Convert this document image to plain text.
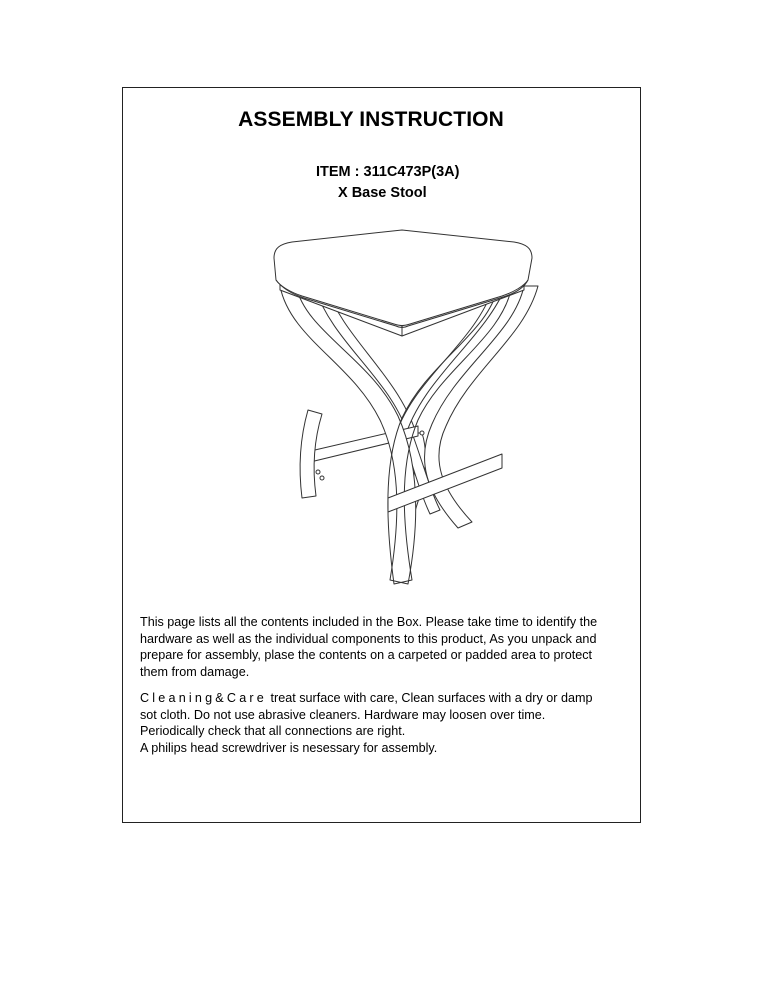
ASSEMBLY INSTRUCTION
ITEM : 311C473P(3A)
X Base Stool
This page lists all the contents included in the Box. Please take time to identify the
hardware as well as the individual components to this product, As you unpack and
prepare for assembly, plase the contents on a carpeted or padded area to protect
them from damage.
Cleaning&Care treat surface with care, Clean surfaces with a dry or damp
sot cloth. Do not use abrasive cleaners. Hardware may loosen over time.
Periodically check that all connections are right.
A philips head screwdriver is nesessary for assembly.
